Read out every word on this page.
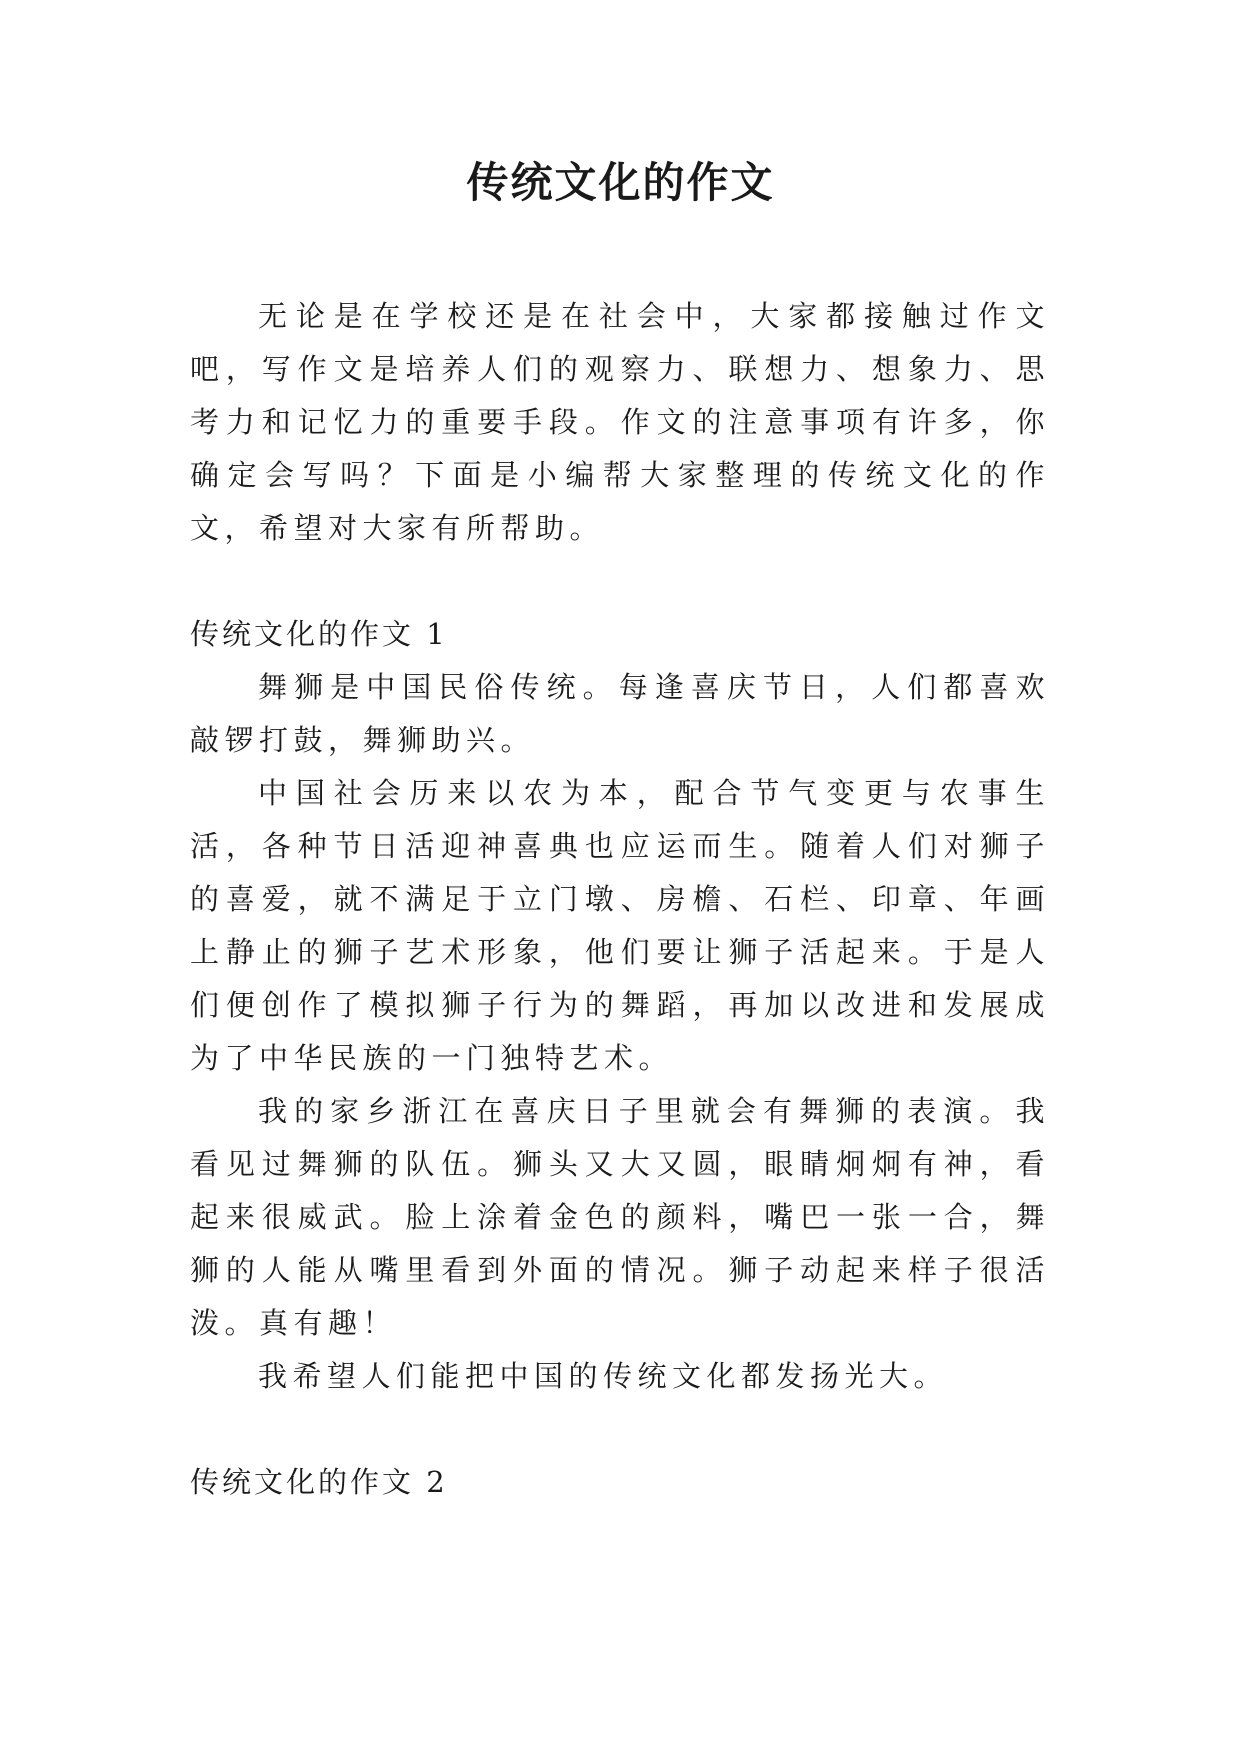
传统文化的作文

无论是在学校还是在社会中，大家都接触过作文吧，写作文是培养人们的观察力、联想力、想象力、思考力和记忆力的重要手段。作文的注意事项有许多，你确定会写吗？下面是小编帮大家整理的传统文化的作文，希望对大家有所帮助。

传统文化的作文 1

舞狮是中国民俗传统。每逢喜庆节日，人们都喜欢敲锣打鼓，舞狮助兴。

中国社会历来以农为本，配合节气变更与农事生活，各种节日活迎神喜典也应运而生。随着人们对狮子的喜爱，就不满足于立门墩、房檐、石栏、印章、年画上静止的狮子艺术形象，他们要让狮子活起来。于是人们便创作了模拟狮子行为的舞蹈，再加以改进和发展成为了中华民族的一门独特艺术。

我的家乡浙江在喜庆日子里就会有舞狮的表演。我看见过舞狮的队伍。狮头又大又圆，眼睛炯炯有神，看起来很威武。脸上涂着金色的颜料，嘴巴一张一合，舞狮的人能从嘴里看到外面的情况。狮子动起来样子很活泼。真有趣！

我希望人们能把中国的传统文化都发扬光大。

传统文化的作文 2
